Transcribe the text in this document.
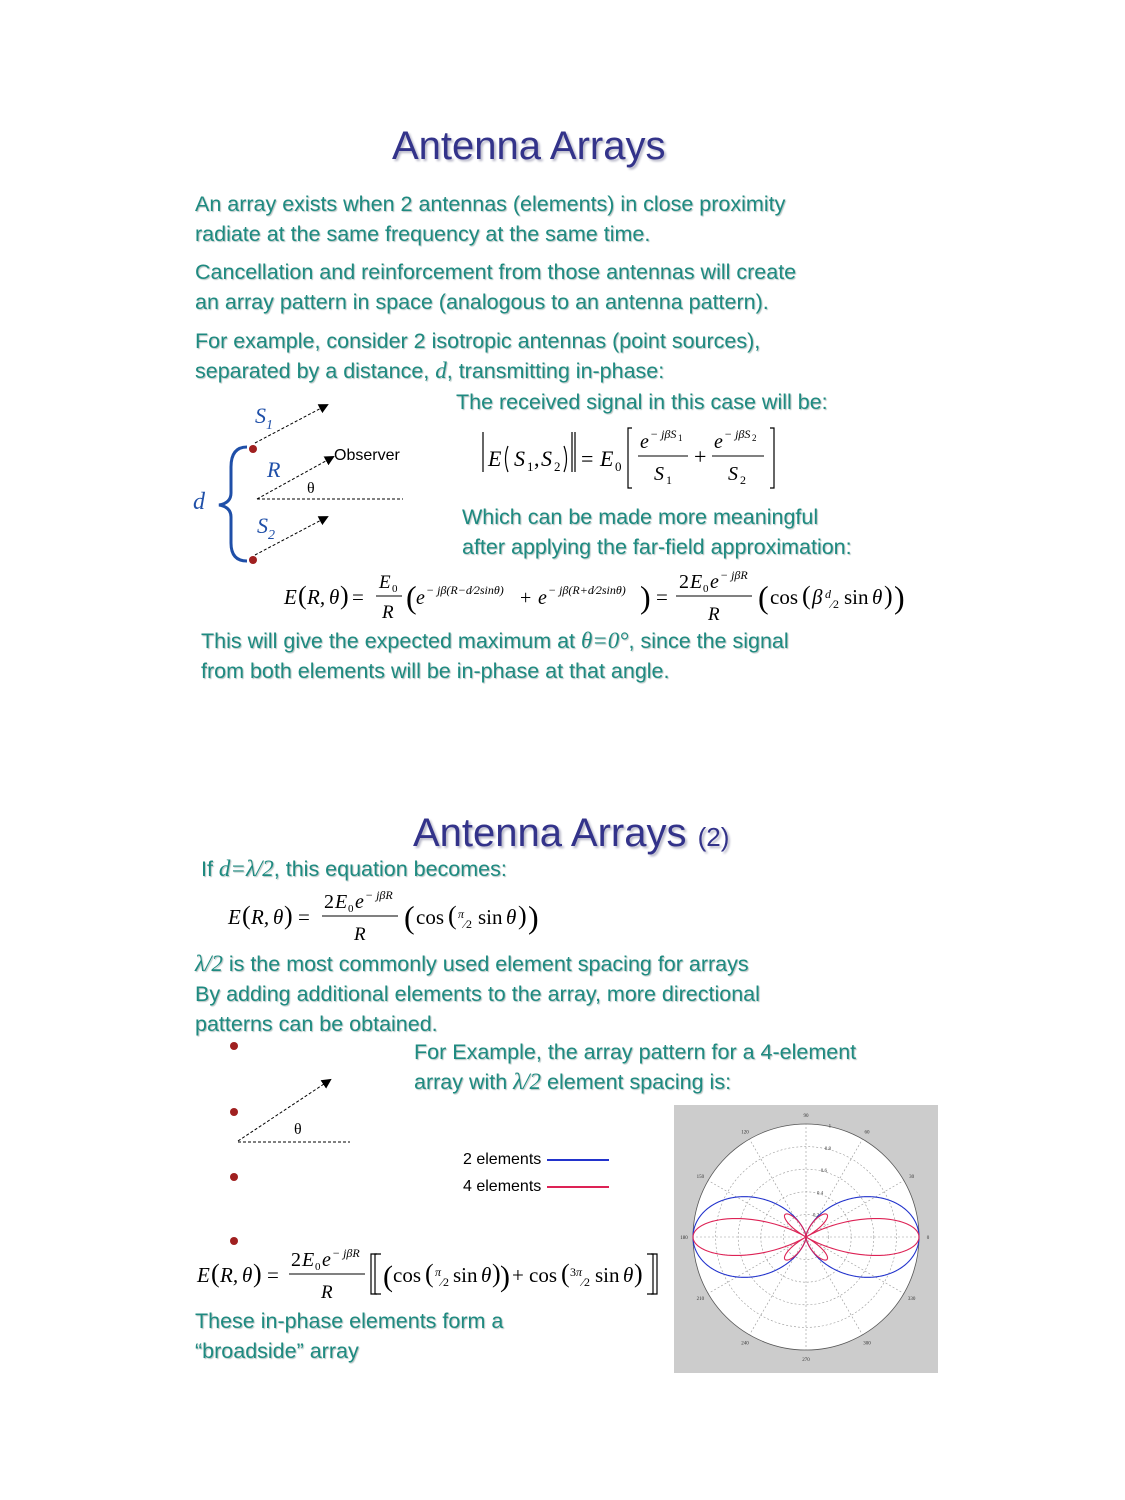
Antenna Arrays

An array exists when 2 antennas (elements) in close proximity

radiate at the same frequency at the same time.

Cancellation and reinforcement from those antennas will create

an array pattern in space (analogous to an antenna pattern).

For example, consider 2 isotropic antennas (point sources),

separated by a distance, d, transmitting in-phase:

The received signal in this case will be:

$S_1$
R
θ
$S_2$
d
Observer	E S 1 , S 2 = E 0
e − jβS 1
S 1
+
e − jβS 2
S 2

Which can be made more meaningful

after applying the far-field approximation:

E ( R, θ ) =
E 0
R ( e − jβ(R−d⁄2sinθ) + e − jβ(R+d⁄2sinθ) ) =
2 E 0 e − jβR
R ( cos ( β d
⁄2 sin θ ) )

This will give the expected maximum at θ=0°, since the signal

from both elements will be in-phase at that angle.

Antenna Arrays (2)

If d=λ/2, this equation becomes:

E ( R, θ ) =
2 E 0 e − jβR
R ( cos ( π
⁄2 sin θ ) )

λ/2 is the most commonly used element spacing for arrays

By adding additional elements to the array, more directional

patterns can be obtained.

For Example, the array pattern for a 4-element

array with λ/2 element spacing is:

θ
2 elements
4 elements
0
30
60
90
120
150
180
210
240
270
300
330
0.2
0.4
0.6
0.8
1
E ( R, θ ) =
2 E 0 e − jβR
R ( cos ( π
⁄2 sin θ ) ) + cos ( 3 π
⁄2 sin θ )

These in-phase elements form a

“broadside” array
